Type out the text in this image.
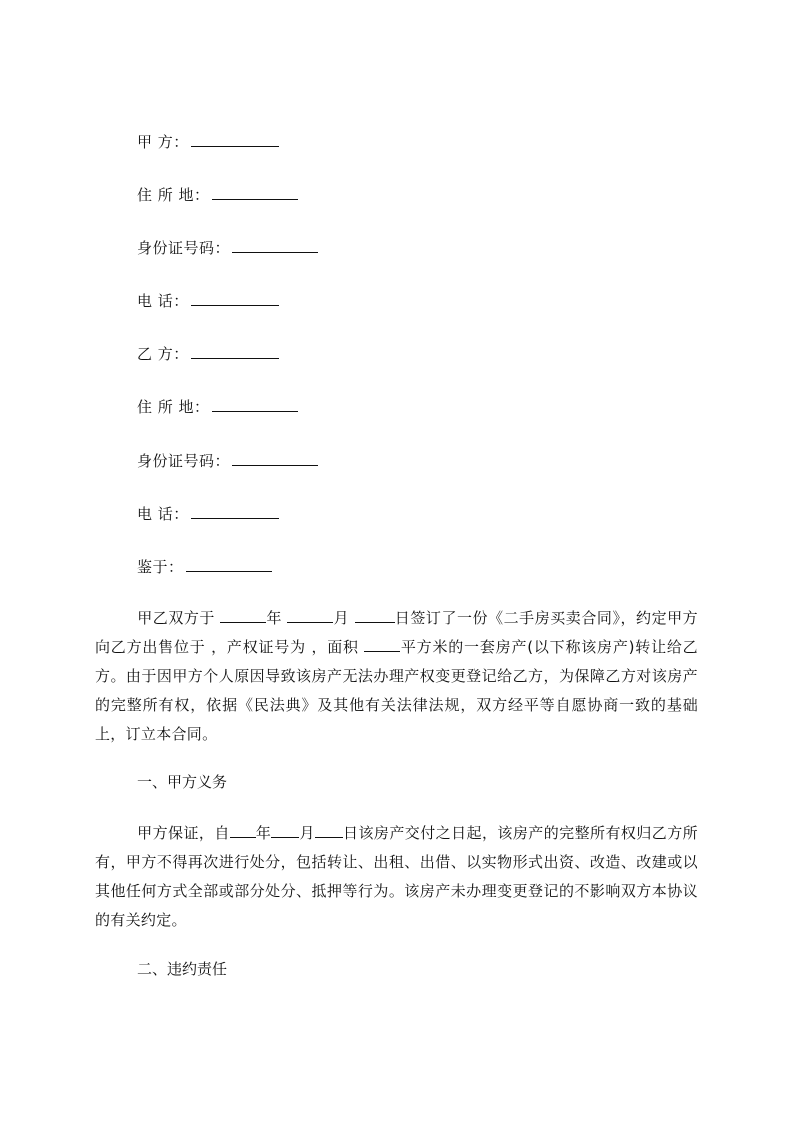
甲 方：
住 所 地：
身份证号码：
电 话：
乙 方：
住 所 地：
身份证号码：
电 话：
鉴于：
甲乙双方于	年	月	日签订了一份《二手房买卖合同》，约定甲方向乙方出售位于 ，产权证号为 ，面积	平方米的一套房产(以下称该房产)转让给乙方。由于因甲方个人原因导致该房产无法办理产权变更登记给乙方，为保障乙方对该房产的完整所有权，依据《民法典》及其他有关法律法规，双方经平等自愿协商一致的基础上，订立本合同。
一、甲方义务
甲方保证，自 年 月 日该房产交付之日起，该房产的完整所有权归乙方所有，甲方不得再次进行处分，包括转让、出租、出借、以实物形式出资、改造、改建或以其他任何方式全部或部分处分、抵押等行为。该房产未办理变更登记的不影响双方本协议的有关约定。
二、违约责任
